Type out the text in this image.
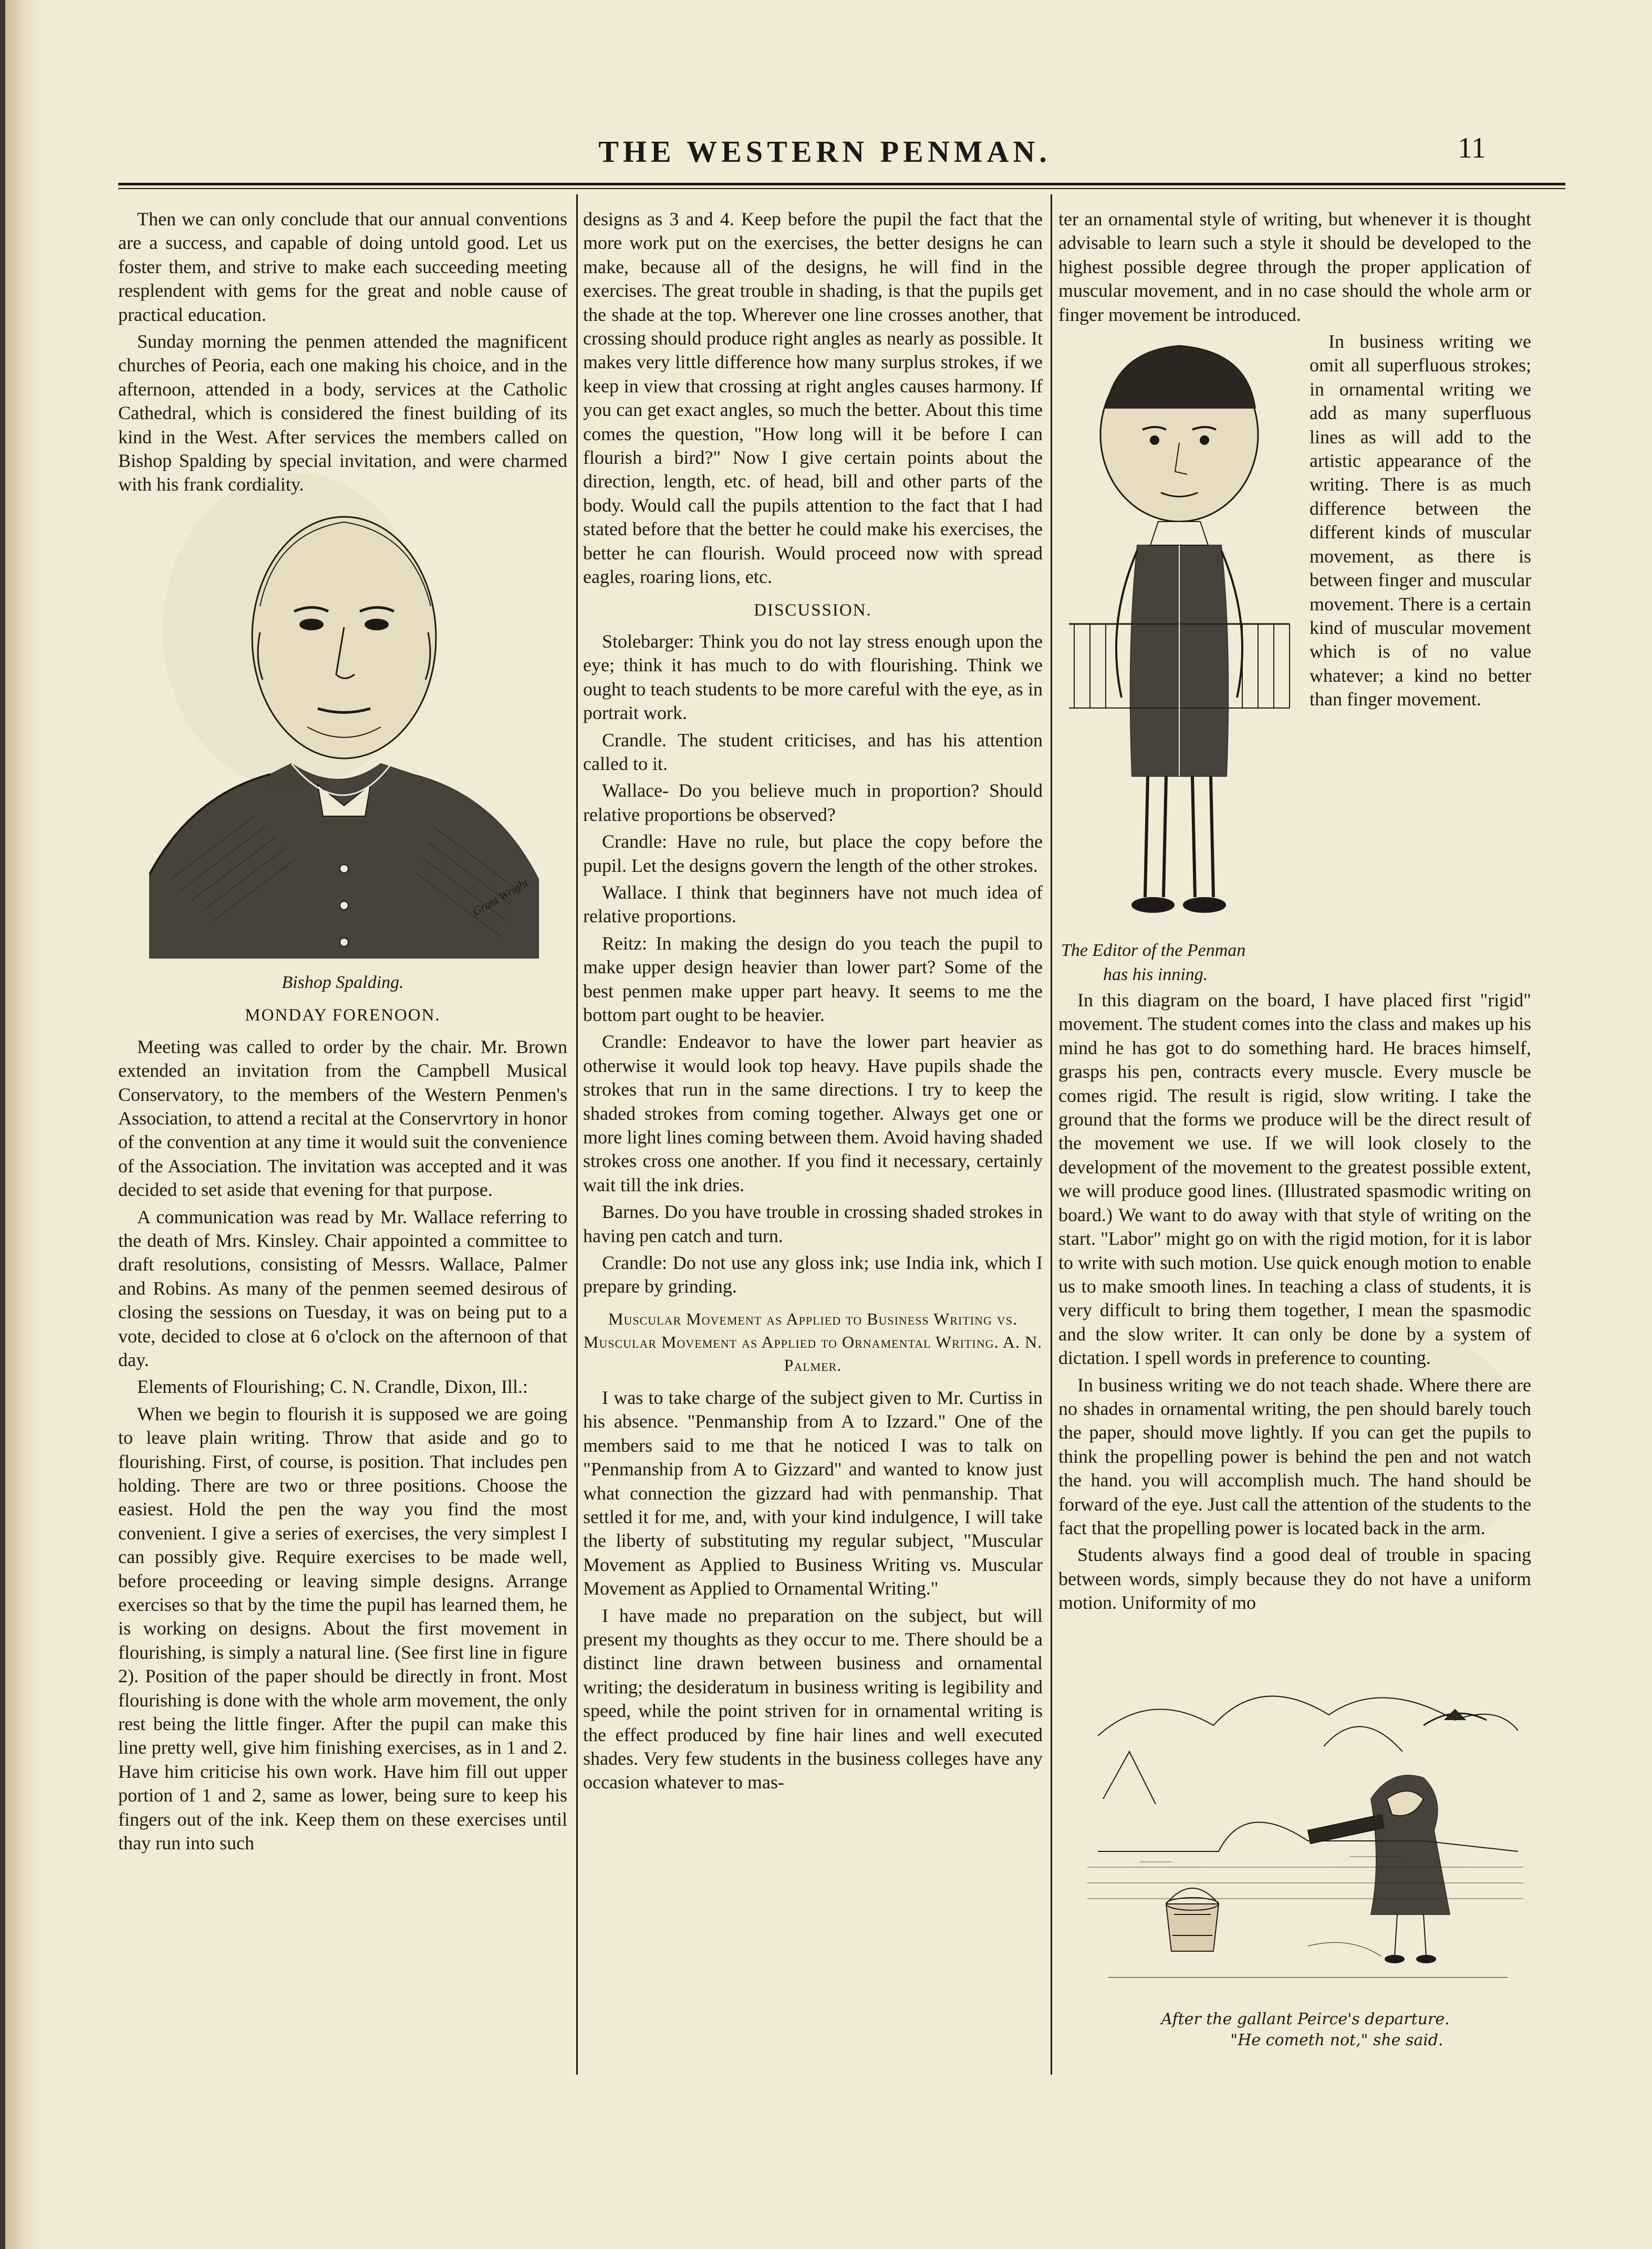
THE WESTERN PENMAN.	11

Then we can only conclude that our annual conventions are a success, and capable of doing untold good. Let us foster them, and strive to make each succeeding meeting resplendent with gems for the great and noble cause of practical education.

Sunday morning the penmen attended the magnificent churches of Peoria, each one making his choice, and in the afternoon, attended in a body, services at the Catholic Cathedral, which is considered the finest building of its kind in the West. After services the members called on Bishop Spalding by special invitation, and were charmed with his frank cordiality.

Grant Wright
Bishop Spalding.
MONDAY FORENOON.

Meeting was called to order by the chair. Mr. Brown extended an invitation from the Campbell Musical Conservatory, to the members of the Western Penmen's Association, to attend a recital at the Conservrtory in honor of the convention at any time it would suit the convenience of the Association. The invitation was accepted and it was decided to set aside that evening for that purpose.

A communication was read by Mr. Wallace referring to the death of Mrs. Kinsley. Chair appointed a committee to draft resolutions, consisting of Messrs. Wallace, Palmer and Robins. As many of the penmen seemed desirous of closing the sessions on Tuesday, it was on being put to a vote, decided to close at 6 o'clock on the afternoon of that day.

Elements of Flourishing; C. N. Crandle, Dixon, Ill.:

When we begin to flourish it is supposed we are going to leave plain writing. Throw that aside and go to flourishing. First, of course, is position. That includes pen holding. There are two or three positions. Choose the easiest. Hold the pen the way you find the most convenient. I give a series of exercises, the very simplest I can possibly give. Require exercises to be made well, before proceeding or leaving simple designs. Arrange exercises so that by the time the pupil has learned them, he is working on designs. About the first movement in flourishing, is simply a natural line. (See first line in figure 2). Position of the paper should be directly in front. Most flourishing is done with the whole arm movement, the only rest being the little finger. After the pupil can make this line pretty well, give him finishing exercises, as in 1 and 2. Have him criticise his own work. Have him fill out upper portion of 1 and 2, same as lower, being sure to keep his fingers out of the ink. Keep them on these exercises until thay run into such

designs as 3 and 4. Keep before the pupil the fact that the more work put on the exercises, the better designs he can make, because all of the designs, he will find in the exercises. The great trouble in shading, is that the pupils get the shade at the top. Wherever one line crosses another, that crossing should produce right angles as nearly as possible. It makes very little difference how many surplus strokes, if we keep in view that crossing at right angles causes harmony. If you can get exact angles, so much the better. About this time comes the question, "How long will it be before I can flourish a bird?" Now I give certain points about the direction, length, etc. of head, bill and other parts of the body. Would call the pupils attention to the fact that I had stated before that the better he could make his exercises, the better he can flourish. Would proceed now with spread eagles, roaring lions, etc.

DISCUSSION.

Stolebarger: Think you do not lay stress enough upon the eye; think it has much to do with flourishing. Think we ought to teach students to be more careful with the eye, as in portrait work.

Crandle. The student criticises, and has his attention called to it.

Wallace- Do you believe much in proportion? Should relative proportions be observed?

Crandle: Have no rule, but place the copy before the pupil. Let the designs govern the length of the other strokes.

Wallace. I think that beginners have not much idea of relative proportions.

Reitz: In making the design do you teach the pupil to make upper design heavier than lower part? Some of the best penmen make upper part heavy. It seems to me the bottom part ought to be heavier.

Crandle: Endeavor to have the lower part heavier as otherwise it would look top heavy. Have pupils shade the strokes that run in the same directions. I try to keep the shaded strokes from coming together. Always get one or more light lines coming between them. Avoid having shaded strokes cross one another. If you find it necessary, certainly wait till the ink dries.

Barnes. Do you have trouble in crossing shaded strokes in having pen catch and turn.

Crandle: Do not use any gloss ink; use India ink, which I prepare by grinding.

Muscular Movement as Applied to Business Writing vs. Muscular Movement as Applied to Ornamental Writing. A. N. Palmer.

I was to take charge of the subject given to Mr. Curtiss in his absence. "Penmanship from A to Izzard." One of the members said to me that he noticed I was to talk on "Penmanship from A to Gizzard" and wanted to know just what connection the gizzard had with penmanship. That settled it for me, and, with your kind indulgence, I will take the liberty of substituting my regular subject, "Muscular Movement as Applied to Business Writing vs. Muscular Movement as Applied to Ornamental Writing."

I have made no preparation on the subject, but will present my thoughts as they occur to me. There should be a distinct line drawn between business and ornamental writing; the desideratum in business writing is legibility and speed, while the point striven for in ornamental writing is the effect produced by fine hair lines and well executed shades. Very few students in the business colleges have any occasion whatever to mas-

ter an ornamental style of writing, but whenever it is thought advisable to learn such a style it should be developed to the highest possible degree through the proper application of muscular movement, and in no case should the whole arm or finger movement be introduced.

The Editor of the Penman
has his inning.

In business writing we omit all superfluous strokes; in ornamental writing we add as many superfluous lines as will add to the artistic appearance of the writing. There is as much difference between the different kinds of muscular movement, as there is between finger and muscular movement. There is a certain kind of muscular movement which is of no value whatever; a kind no better than finger movement.

In this diagram on the board, I have placed first "rigid" movement. The student comes into the class and makes up his mind he has got to do something hard. He braces himself, grasps his pen, contracts every muscle. Every muscle be comes rigid. The result is rigid, slow writing. I take the ground that the forms we produce will be the direct result of the movement we use. If we will look closely to the development of the movement to the greatest possible extent, we will produce good lines. (Illustrated spasmodic writing on board.) We want to do away with that style of writing on the start. "Labor" might go on with the rigid motion, for it is labor to write with such motion. Use quick enough motion to enable us to make smooth lines. In teaching a class of students, it is very difficult to bring them together, I mean the spasmodic and the slow writer. It can only be done by a system of dictation. I spell words in preference to counting.

In business writing we do not teach shade. Where there are no shades in ornamental writing, the pen should barely touch the paper, should move lightly. If you can get the pupils to think the propelling power is behind the pen and not watch the hand. you will accomplish much. The hand should be forward of the eye. Just call the attention of the students to the fact that the propelling power is located back in the arm.

Students always find a good deal of trouble in spacing between words, simply because they do not have a uniform motion. Uniformity of mo

After the gallant Peirce's departure.
"He cometh not," she said.
